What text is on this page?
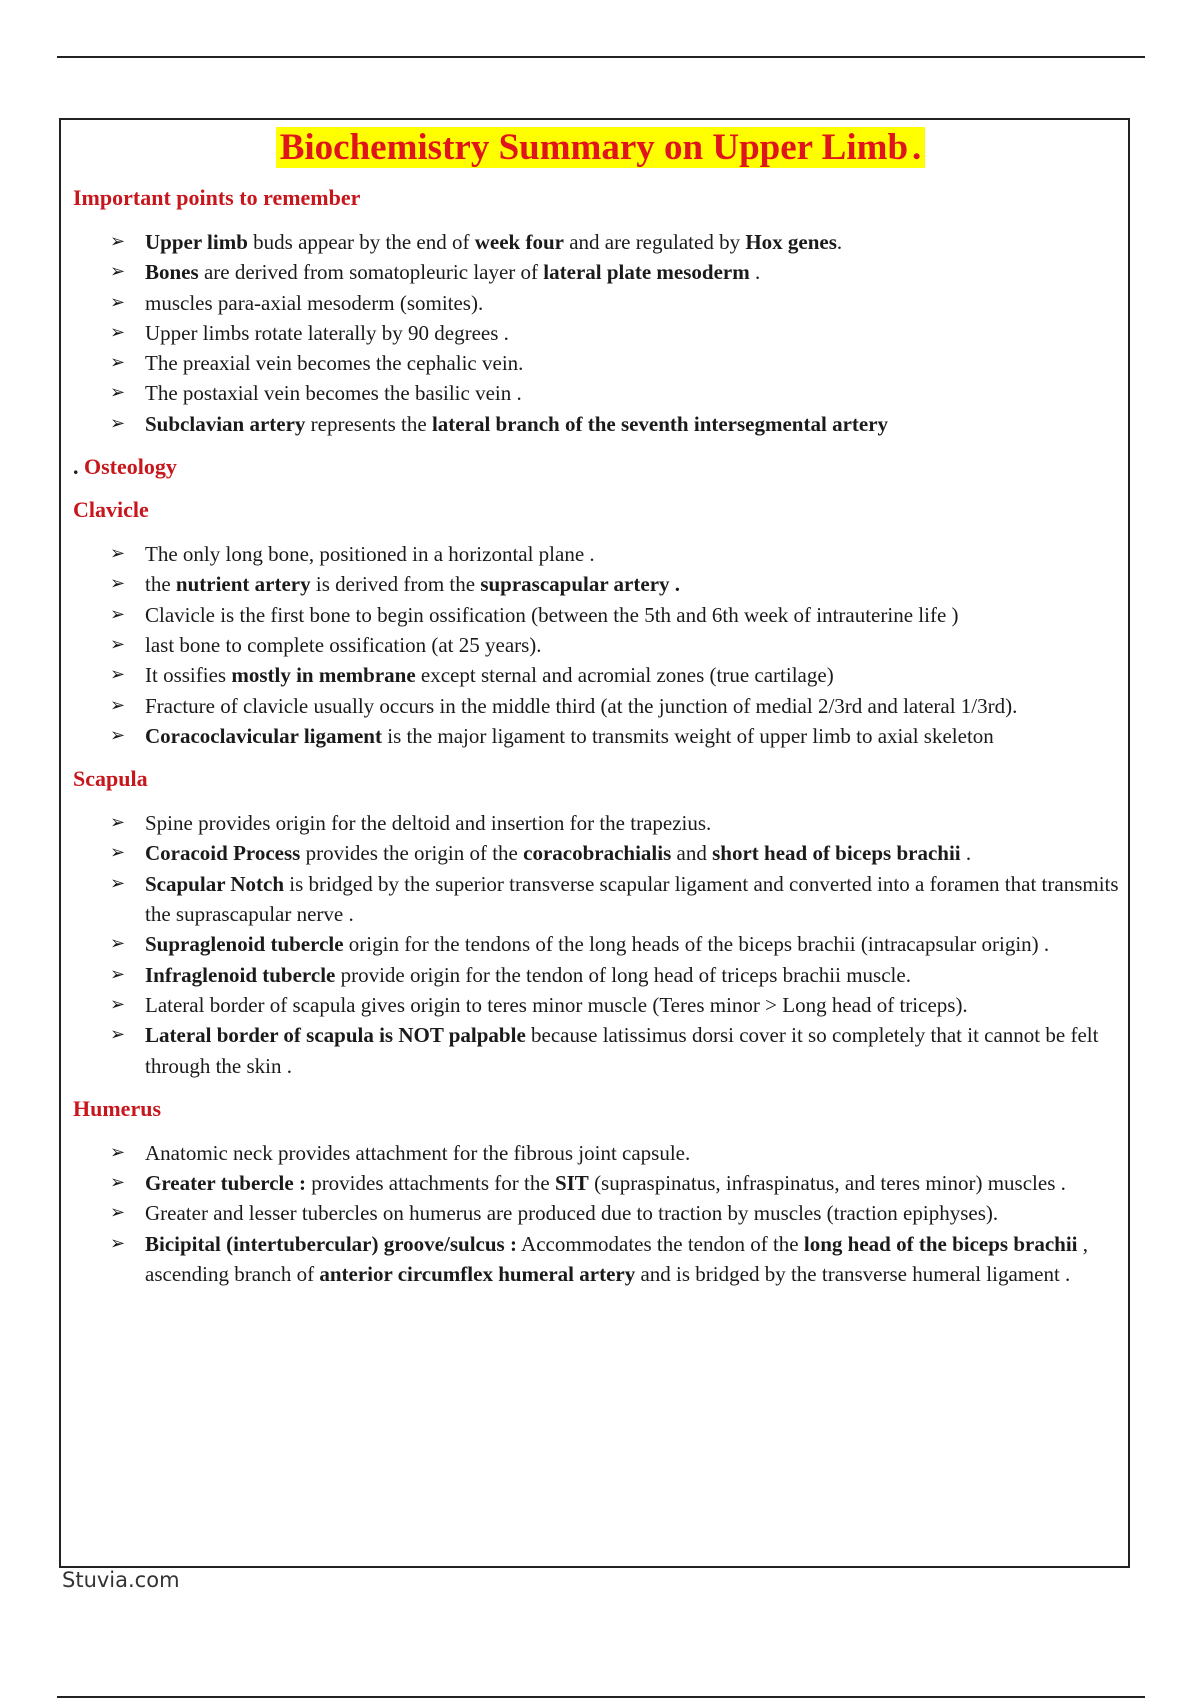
Biochemistry Summary on Upper Limb .
Important points to remember
➢ Upper limb buds appear by the end of week four and are regulated by Hox genes.
➢ Bones are derived from somatopleuric layer of lateral plate mesoderm .
➢ muscles para-axial mesoderm (somites).
➢ Upper limbs rotate laterally by 90 degrees .
➢ The preaxial vein becomes the cephalic vein.
➢ The postaxial vein becomes the basilic vein .
➢ Subclavian artery represents the lateral branch of the seventh intersegmental artery
. Osteology
Clavicle
➢ The only long bone, positioned in a horizontal plane .
➢ the nutrient artery is derived from the suprascapular artery .
➢ Clavicle is the first bone to begin ossification (between the 5th and 6th week of intrauterine life )
➢ last bone to complete ossification (at 25 years).
➢ It ossifies mostly in membrane except sternal and acromial zones (true cartilage)
➢ Fracture of clavicle usually occurs in the middle third (at the junction of medial 2/3rd and lateral 1/3rd).
➢ Coracoclavicular ligament is the major ligament to transmits weight of upper limb to axial skeleton
Scapula
➢ Spine provides origin for the deltoid and insertion for the trapezius.
➢ Coracoid Process provides the origin of the coracobrachialis and short head of biceps brachii .
➢ Scapular Notch is bridged by the superior transverse scapular ligament and converted into a foramen that transmits the suprascapular nerve .
➢ Supraglenoid tubercle origin for the tendons of the long heads of the biceps brachii (intracapsular origin) .
➢ Infraglenoid tubercle provide origin for the tendon of long head of triceps brachii muscle.
➢ Lateral border of scapula gives origin to teres minor muscle (Teres minor > Long head of triceps).
➢ Lateral border of scapula is NOT palpable because latissimus dorsi cover it so completely that it cannot be felt through the skin .
Humerus
➢ Anatomic neck provides attachment for the fibrous joint capsule.
➢ Greater tubercle : provides attachments for the SIT (supraspinatus, infraspinatus, and teres minor) muscles .
➢ Greater and lesser tubercles on humerus are produced due to traction by muscles (traction epiphyses).
➢ Bicipital (intertubercular) groove/sulcus : Accommodates the tendon of the long head of the biceps brachii , ascending branch of anterior circumflex humeral artery and is bridged by the transverse humeral ligament .
Stuvia.com
